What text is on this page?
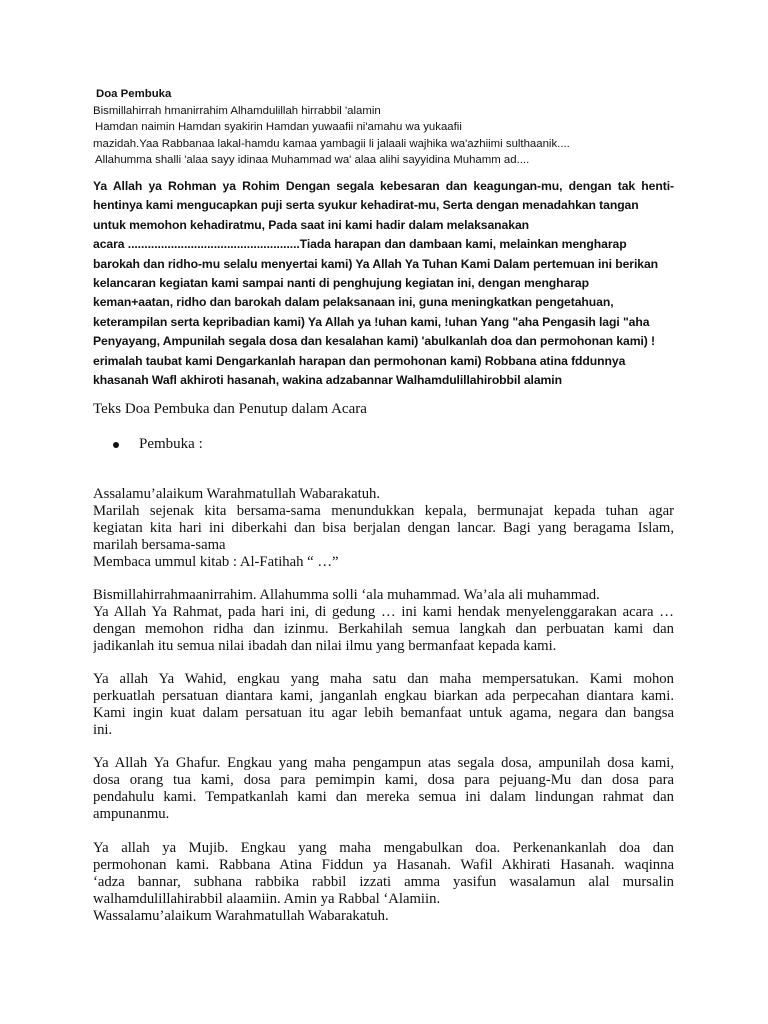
Doa Pembuka
Bismillahirrah hmanirrahim Alhamdulillah hirrabbil 'alamin
Hamdan naimin Hamdan syakirin Hamdan yuwaafii ni'amahu wa yukaafii
mazidah.Yaa Rabbanaa lakal-hamdu kamaa yambagii li jalaali wajhika wa'azhiimi sulthaanik....
Allahumma shalli 'alaa sayy idinaa Muhammad wa' alaa alihi sayyidina Muhamm ad....
Ya Allah ya Rohman ya Rohim Dengan segala kebesaran dan keagungan-mu, dengan tak henti-
hentinya kami mengucapkan puji serta syukur kehadirat-mu, Serta dengan menadahkan tangan
untuk memohon kehadiratmu, Pada saat ini kami hadir dalam melaksanakan
acara ....................................................Tiada harapan dan dambaan kami, melainkan mengharap
barokah dan ridho-mu selalu menyertai kami) Ya Allah Ya Tuhan Kami Dalam pertemuan ini berikan
kelancaran kegiatan kami sampai nanti di penghujung kegiatan ini, dengan mengharap
keman+aatan, ridho dan barokah dalam pelaksanaan ini, guna meningkatkan pengetahuan,
keterampilan serta kepribadian kami) Ya Allah ya !uhan kami, !uhan Yang "aha Pengasih lagi "aha
Penyayang, Ampunilah segala dosa dan kesalahan kami) 'abulkanlah doa dan permohonan kami) !
erimalah taubat kami Dengarkanlah harapan dan permohonan kami) Robbana atina fddunnya
khasanah Wafl akhiroti hasanah, wakina adzabannar Walhamdulillahirobbil alamin
Teks Doa Pembuka dan Penutup dalam Acara
Pembuka :
Assalamu’alaikum Warahmatullah Wabarakatuh.
Marilah sejenak kita bersama-sama menundukkan kepala, bermunajat kepada tuhan agar
kegiatan kita hari ini diberkahi dan bisa berjalan dengan lancar. Bagi yang beragama Islam,
marilah bersama-sama
Membaca ummul kitab : Al-Fatihah “ …”
Bismillahirrahmaanirrahim. Allahumma solli ‘ala muhammad. Wa’ala ali muhammad.
Ya Allah Ya Rahmat, pada hari ini, di gedung … ini kami hendak menyelenggarakan acara …
dengan memohon ridha dan izinmu. Berkahilah semua langkah dan perbuatan kami dan
jadikanlah itu semua nilai ibadah dan nilai ilmu yang bermanfaat kepada kami.
Ya allah Ya Wahid, engkau yang maha satu dan maha mempersatukan. Kami mohon
perkuatlah persatuan diantara kami, janganlah engkau biarkan ada perpecahan diantara kami.
Kami ingin kuat dalam persatuan itu agar lebih bemanfaat untuk agama, negara dan bangsa
ini.
Ya Allah Ya Ghafur. Engkau yang maha pengampun atas segala dosa, ampunilah dosa kami,
dosa orang tua kami, dosa para pemimpin kami, dosa para pejuang-Mu dan dosa para
pendahulu kami. Tempatkanlah kami dan mereka semua ini dalam lindungan rahmat dan
ampunanmu.
Ya allah ya Mujib. Engkau yang maha mengabulkan doa. Perkenankanlah doa dan
permohonan kami. Rabbana Atina Fiddun ya Hasanah. Wafil Akhirati Hasanah. waqinna
‘adza bannar, subhana rabbika rabbil izzati amma yasifun wasalamun alal mursalin
walhamdulillahirabbil alaamiin. Amin ya Rabbal ‘Alamiin.
Wassalamu’alaikum Warahmatullah Wabarakatuh.
